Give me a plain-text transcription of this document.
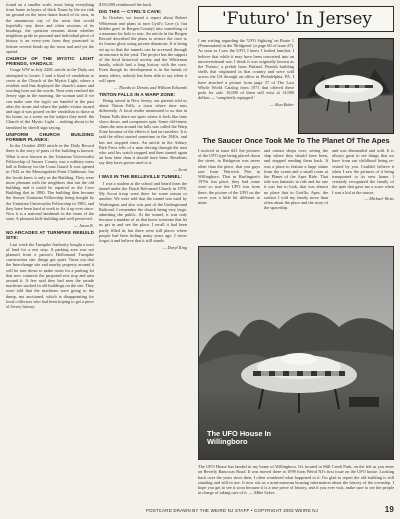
found on a smaller scale, most bring everything from home in layers of thick Xmas by the ice rink on ground on the most dance board of its own, in the unanimous city of the town that would hopefully stay there and often sessions of its headings. the question remains about whether neighbors pride in personal and individual piece of history is an every-year from they promised to feature several heads up the town and and yet the spread.

CHURCH OF THE MYSTIC LIGHT FRIENDS, VANDALS:

Usage WW in July 2200, article in the Daily not attempted to locate. I said a kind of vandalism to cover at the Church of the Mystic Light, where a resident said that displayed the church's name and wording bore out the words. Next ones reached the Jersey sign in the morning, the woman said if we can make sure the sign's are handed in the past after the storm and where the public-visitor turned and sign it was posted on the vandalism to those at his home, so a scene on the subject they need: the Church of the Mystic Light ... nothing about to be tarnished by sheriff sign saying.

UNIFORM CHURCH BUILDING FORMER PLANKS:

In the October 2000 article in the Daily Record there is the story of parts of the building is known. What is now known as the Unitarian Universalist Fellowship of Sussex County was a military mess hall at Rahway for the Coast Guard. It was opened in 1942 as the Monongahela Point Clubhouse, but the locals knew it only as the Building. They were more pleasant with the neighbors that ran the old building and it could be repaired as the Cove Building that in 1980. The building then became the Sussex Unitarian Fellowship being bought by the Unitarian Universalist Fellowship in 1985, and they have been hard at work to fix it up ever since. Now it is a national landmark in the stone of the state. A pleasant little building and well preserved.

— Jason K.

NO ARCADES AT TURNPIKE REBUILD SITE:

Last week the Turnpike Authority bought a tract of land for a rest stop. A parking area was not planned from a patron's Hollomand Turnpike construction site, things got quiet. Turns out that the Interchange site and nearby property around it will be torn down to make room for a parking lot that now connects the proposed rest stop and area around it. A few said they had seen the arcade machines stacked in old buildings on the site. They were told that the machines were going to the dump, not auctioned, which is disappointing for local collectors who had been hoping to get a piece of Jersey history.

$150,000 reimbursed the back.

DIG THIS — CYRIL'S CAVE:

In October, we found a report about Robert Whiteman and plans to turn Cyril's Cave (a 'fun hidden gem' in Bergen County) into something of a museum for kids to tour. An article in the Bergen Record described the plans to restore the cave to its former glory using private donations. It is being set up so that the tunnels can be accessed through an entrance in the yard. The project has the support of the local historical society and the Whiteman family, which had a long history with the cave. Even though its development is in the hands of many others, nobody has been able to say when it will open.

— Thanks to Dennis and William Edwards

TINTON FALLS IN A WARP ZONE:

Being raised in New Jersey, our parents told us about Tinton Falls, a town where time runs differently. A local reader mentioned to us that in Tinton Falls there are spots where it feels like time slows down, and compasses spin. Some old-timers claim the area around the falls was called the Warp Zone because of the effects it had on travelers. It is said the effect started sometime in the 1940s, and has not stopped since. An article in the Asbury Park Press tells of a man driving through the area who said his watch stopped and then started again an hour later than it should have been. Residents say they have grown used to it.

— Scott

I WAS IN THE BELLEVILLE TUNNEL:

I was a student at the school and heard from the tunnel under the Dutch Reformed Church in 1970. My Scout troop went there for some reason or another. We were told that the tunnel was used by Washington and also was part of the Underground Railroad. I remember the church being very large, admitting the public. At the tunnel, it was only because a number of us that knew someone that let us get in and see the place. I recall it had been partly filled in, but there were still places where people had been hiding many years ago. I never forgot it and believe that it still stands.

— Daryl King

'Futuro' In Jersey

I am writing regarding the 'UFO Sighting' on Route 1 (Pennsauken) in the 'Bridgeton' (a page 60 of issue #7). As soon as I saw the UFO, I knew I looked familiar. I believe that while it may have been converted into an unconventional use, I think it was originally known as the 'Futuro,' a prefab from Finland. Finnish building shells that originated in that country and were sold across the US through an office in Philadelphia, PA. I have attached a picture from page 37 of The Lost Whole World Catalog from 1971 that offered these pods for sale. 10,000 of them still exist at 14,900 dollars — 'completely equipped.'

— Alan Baker

The Saucer Once Took Me To The Planet Of The Apes

I noticed in issue #21 the pictures of the UFO type being placed down the street, in Bridgeton was never other than the place, that you guys saw from Warwick Pier in Willingboro. That in Burlington's 1970s fun place, they had some were so sure the UFO was from there, the picture of the UFO on the cover was a little bit different to mine.

and cannot shops over, seeing the ship where they should have been, and stopped sending them back. It was a place to feature a large statue from the ocean and a small room at the Planet of the Apes Ride. That ride was fantastic to ride and for one it was fun to look, that was almost no place that in Gorilla, Apes, the surface I told my family more than often about the place and the story of the spaceship.

and was dismantled and sold. It is always great to see things that we have from our childhood being re-visited by you. Couldn't believe it when I saw the pictures of it being transported to its new home. I certainly recognized the family of the apes that gave me a scare when I was a kid at the saucer.

— Michael Weiss

The UFO House In Willingboro

The UFO House has landed in my home of Willingboro. It's located in Mill Creek Park, on the left as you enter on Beverly Rancocas Road. It was moved there in 1999 from Weird NJ's first issue on the UFO house. Looking back over the years since then, I often wondered what happened to it. I'm glad to report the old building is still standing and still in use. It now sits as a mini-museum housing information about the history of the township. I hope you get to see it soon because it is a true piece of history, and if you ever visit, make sure to see the people in charge of taking care of it. — Mike Sykes

POSTCARD DRAWN BY THE WEIRD NJ STAFF • COPYRIGHT 2003 WEIRD NJ	19
